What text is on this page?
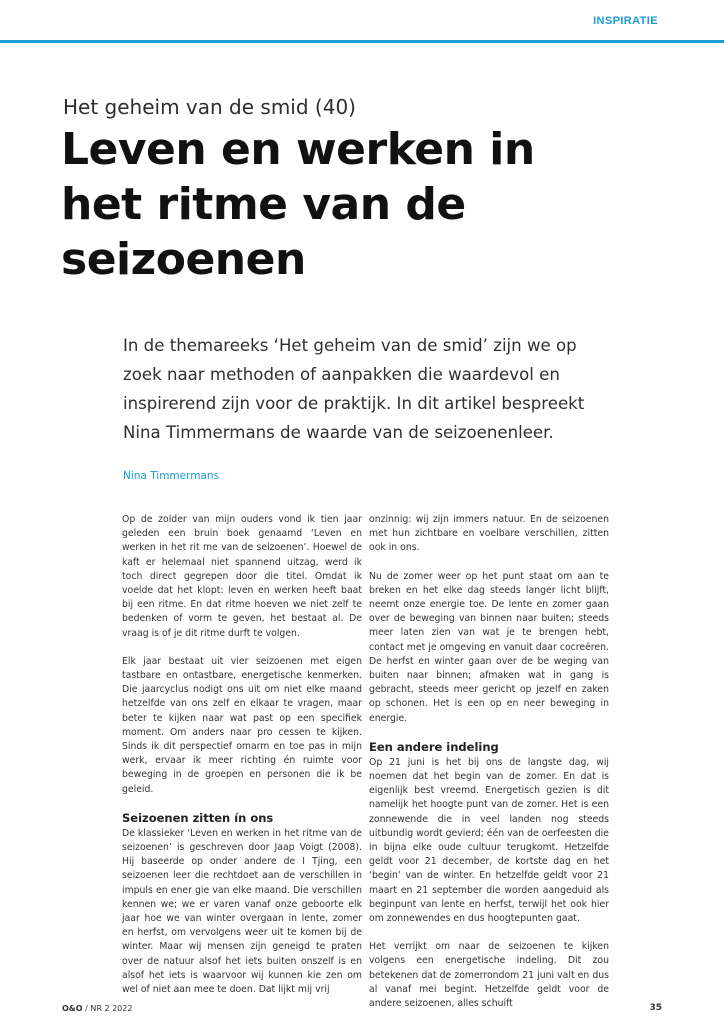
INSPIRATIE
Het geheim van de smid (40)
Leven en werken in het ritme van de seizoenen

In de themareeks ‘Het geheim van de smid’ zijn we op zoek naar methoden of aanpakken die waardevol en inspirerend zijn voor de praktijk. In dit artikel bespreekt Nina Timmermans de waarde van de seizoenenleer.

Nina Timmermans

Op de zolder van mijn ouders vond ik tien jaar geleden een bruin boek genaamd ‘Leven en werken in het rit me van de seizoenen’. Hoewel de kaft er helemaal niet spannend uitzag, werd ik toch direct gegrepen door die titel. Omdat ik voelde dat het klopt: leven en werken heeft baat bij een ritme. En dat ritme hoeven we niet zelf te bedenken of vorm te geven, het bestaat al. De vraag is of je dit ritme durft te volgen.

Elk jaar bestaat uit vier seizoenen met eigen tastbare en ontastbare, energetische kenmerken. Die jaarcyclus nodigt ons uit om niet elke maand hetzelfde van ons zelf en elkaar te vragen, maar beter te kijken naar wat past op een specifiek moment. Om anders naar pro cessen te kijken. Sinds ik dit perspectief omarm en toe pas in mijn werk, ervaar ik meer richting én ruimte voor beweging in de groepen en personen die ik be geleid.

Seizoenen zitten ín ons

De klassieker ‘Leven en werken in het ritme van de seizoenen’ is geschreven door Jaap Voigt (2008). Hij baseerde op onder andere de I Tjing, een seizoenen leer die rechtdoet aan de verschillen in impuls en ener gie van elke maand. Die verschillen kennen we; we er varen vanaf onze geboorte elk jaar hoe we van winter overgaan in lente, zomer en herfst, om vervolgens weer uit te komen bij de winter. Maar wij mensen zijn geneigd te praten over de natuur alsof het iets buiten onszelf is en alsof het iets is waarvoor wij kunnen kie zen om wel of niet aan mee te doen. Dat lijkt mij vrij

onzinnig: wij zijn immers natuur. En de seizoenen met hun zichtbare en voelbare verschillen, zitten ook in ons.

Nu de zomer weer op het punt staat om aan te breken en het elke dag steeds langer licht blijft, neemt onze energie toe. De lente en zomer gaan over de beweging van binnen naar buiten; steeds meer laten zien van wat je te brengen hebt, contact met je omgeving en vanuit daar cocreëren. De herfst en winter gaan over de be weging van buiten naar binnen; afmaken wat in gang is gebracht, steeds meer gericht op jezelf en zaken op schonen. Het is een op en neer beweging in energie.

Een andere indeling

Op 21 juni is het bij ons de langste dag, wij noemen dat het begin van de zomer. En dat is eigenlijk best vreemd. Energetisch gezien is dit namelijk het hoogte punt van de zomer. Het is een zonnewende die in veel landen nog steeds uitbundig wordt gevierd; één van de oerfeesten die in bijna elke oude cultuur terugkomt. Hetzelfde geldt voor 21 december, de kortste dag en het ‘begin’ van de winter. En hetzelfde geldt voor 21 maart en 21 september die worden aangeduid als beginpunt van lente en herfst, terwijl het ook hier om zonnewendes en dus hoogtepunten gaat.

Het verrijkt om naar de seizoenen te kijken volgens een energetische indeling. Dit zou betekenen dat de zomerrondom 21 juni valt en dus al vanaf mei begint. Hetzelfde geldt voor de andere seizoenen, alles schuift

O&O / NR 2 2022	35
